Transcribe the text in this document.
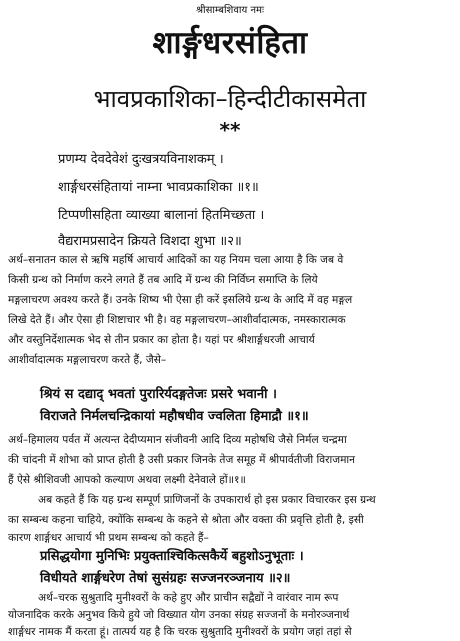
श्रीसाम्बशिवाय नमः
शार्ङ्गधरसंहिता
भावप्रकाशिका–हिन्दीटीकासमेता
**
प्रणम्य देवदेवेशं दुःखत्रयविनाशकम् ।
शार्ङ्गधरसंहितायां नाम्ना भावप्रकाशिका ॥१॥
टिप्पणीसहिता व्याख्या बालानां हितमिच्छता ।
वैद्यरामप्रसादेन क्रियते विशदा शुभा ॥२॥
अर्थ–सनातन काल से ऋषि महर्षि आचार्य आदिकों का यह नियम चला आया है कि जब वे
किसी ग्रन्थ को निर्माण करने लगते हैं तब आदि में ग्रन्थ की निर्विघ्न समाप्ति के लिये
मङ्गलाचरण अवश्य करते हैं। उनके शिष्य भी ऐसा ही करें इसलिये ग्रन्थ के आदि में वह मङ्गल
लिखे देते हैं। और ऐसा ही शिष्टाचार भी है। वह मङ्गलाचरण–आशीर्वादात्मक, नमस्कारात्मक
और वस्तुनिर्देशात्मक भेद से तीन प्रकार का होता है। यहां पर श्रीशार्ङ्गधरजी आचार्य
आशीर्वादात्मक मङ्गलाचरण करते हैं, जैसे–
श्रियं स दद्याद् भवतां पुरारिर्यदङ्गतेजः प्रसरे भवानी ।
विराजते निर्मलचन्द्रिकायां महौषधीव ज्वलिता हिमाद्रौ ॥१॥
अर्थ–हिमालय पर्वत में अत्यन्त देदीप्यमान संजीवनी आदि दिव्य महोषधि जैसे निर्मल चन्द्रमा
की चांदनी में शोभा को प्राप्त होती है उसी प्रकार जिनके तेज समूह में श्रीपार्वतीजी विराजमान
हैं ऐसे श्रीशिवजी आपको कल्याण अथवा लक्ष्मी देनेवाले हों॥१॥
अब कहते हैं कि यह ग्रन्थ सम्पूर्ण प्राणिजनों के उपकारार्थ हो इस प्रकार विचारकर इस ग्रन्थ
का सम्बन्ध कहना चाहिये, क्योंकि सम्बन्ध के कहने से श्रोता और वक्ता की प्रवृत्ति होती है, इसी
कारण शार्ङ्गधर आचार्य भी प्रथम सम्बन्ध को कहते हैं–
प्रसिद्धयोगा मुनिभिः प्रयुक्ताश्चिकित्सकैर्ये बहुशोऽनुभूताः ।
विधीयते शार्ङ्गधरेण तेषां सुसंग्रहः सज्जनरञ्जनाय ॥२॥
अर्थ–चरक सुश्रुतादि मुनीश्वरों के कहे हुए और प्राचीन सद्वैद्यों ने वारंवार नाम रूप
योजनादिक करके अनुभव किये हुये जो विख्यात योग उनका संग्रह सज्जनों के मनोरञ्जनार्थ
शार्ङ्गधर नामक मैं करता हूं। तात्पर्य यह है कि चरक सुश्रुतादि मुनीश्वरों के प्रयोग जहां तहां से
